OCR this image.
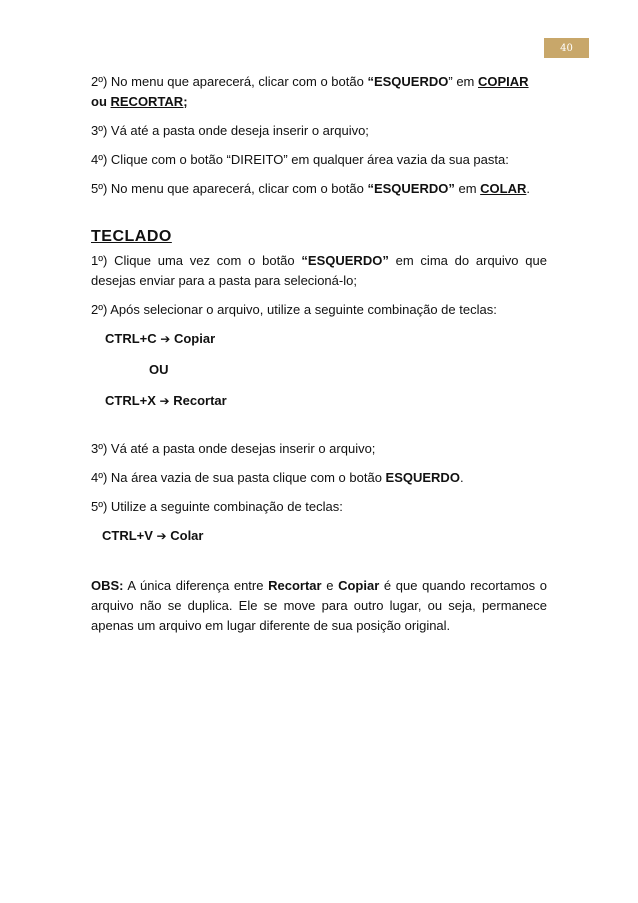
40

2º) No menu que aparecerá, clicar com o botão “ESQUERDO” em COPIAR ou RECORTAR;

3º) Vá até a pasta onde deseja inserir o arquivo;

4º) Clique com o botão “DIREITO” em qualquer área vazia da sua pasta:

5º) No menu que aparecerá, clicar com o botão “ESQUERDO” em COLAR.

TECLADO

1º) Clique uma vez com o botão “ESQUERDO” em cima do arquivo que desejas enviar para a pasta para selecioná-lo;

2º) Após selecionar o arquivo, utilize a seguinte combinação de teclas:

CTRL+C ➔ Copiar

OU

CTRL+X ➔ Recortar

3º) Vá até a pasta onde desejas inserir o arquivo;

4º) Na área vazia de sua pasta clique com o botão ESQUERDO.

5º) Utilize a seguinte combinação de teclas:

CTRL+V ➔ Colar

OBS: A única diferença entre Recortar e Copiar é que quando recortamos o arquivo não se duplica. Ele se move para outro lugar, ou seja, permanece apenas um arquivo em lugar diferente de sua posição original.
